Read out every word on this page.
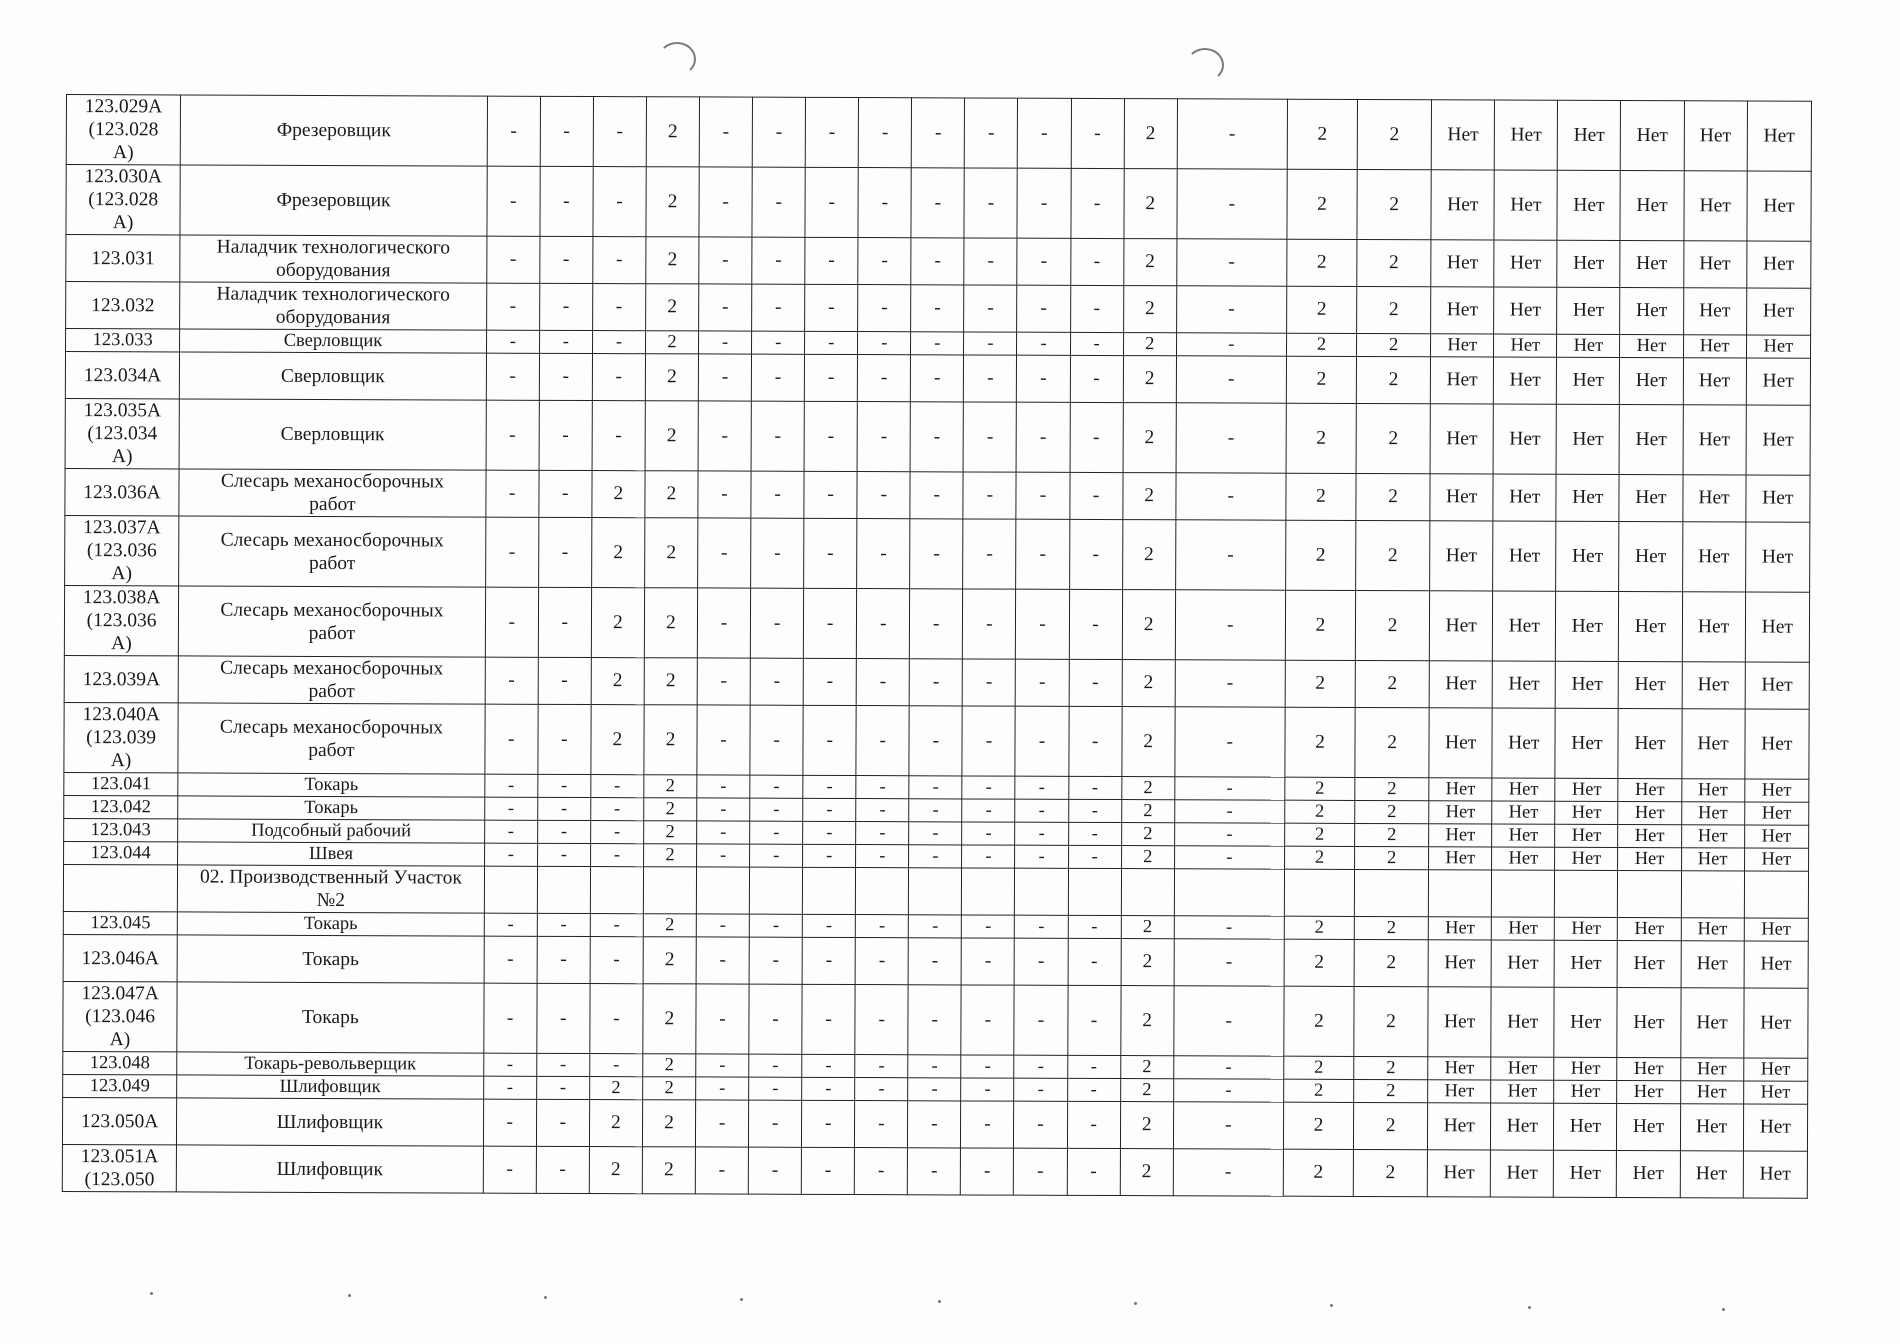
123.029А
(123.028
А)	Фрезеровщик	-	-	-	2	-	-	-	-	-	-	-	-	2	-	2	2	Нет	Нет	Нет	Нет	Нет	Нет
123.030А
(123.028
А)	Фрезеровщик	-	-	-	2	-	-	-	-	-	-	-	-	2	-	2	2	Нет	Нет	Нет	Нет	Нет	Нет
123.031	Наладчик технологического
оборудования	-	-	-	2	-	-	-	-	-	-	-	-	2	-	2	2	Нет	Нет	Нет	Нет	Нет	Нет
123.032	Наладчик технологического
оборудования	-	-	-	2	-	-	-	-	-	-	-	-	2	-	2	2	Нет	Нет	Нет	Нет	Нет	Нет
123.033	Сверловщик	-	-	-	2	-	-	-	-	-	-	-	-	2	-	2	2	Нет	Нет	Нет	Нет	Нет	Нет
123.034А	Сверловщик	-	-	-	2	-	-	-	-	-	-	-	-	2	-	2	2	Нет	Нет	Нет	Нет	Нет	Нет
123.035А
(123.034
А)	Сверловщик	-	-	-	2	-	-	-	-	-	-	-	-	2	-	2	2	Нет	Нет	Нет	Нет	Нет	Нет
123.036А	Слесарь механосборочных
работ	-	-	2	2	-	-	-	-	-	-	-	-	2	-	2	2	Нет	Нет	Нет	Нет	Нет	Нет
123.037А
(123.036
А)	Слесарь механосборочных
работ	-	-	2	2	-	-	-	-	-	-	-	-	2	-	2	2	Нет	Нет	Нет	Нет	Нет	Нет
123.038А
(123.036
А)	Слесарь механосборочных
работ	-	-	2	2	-	-	-	-	-	-	-	-	2	-	2	2	Нет	Нет	Нет	Нет	Нет	Нет
123.039А	Слесарь механосборочных
работ	-	-	2	2	-	-	-	-	-	-	-	-	2	-	2	2	Нет	Нет	Нет	Нет	Нет	Нет
123.040А
(123.039
А)	Слесарь механосборочных
работ	-	-	2	2	-	-	-	-	-	-	-	-	2	-	2	2	Нет	Нет	Нет	Нет	Нет	Нет
123.041	Токарь	-	-	-	2	-	-	-	-	-	-	-	-	2	-	2	2	Нет	Нет	Нет	Нет	Нет	Нет
123.042	Токарь	-	-	-	2	-	-	-	-	-	-	-	-	2	-	2	2	Нет	Нет	Нет	Нет	Нет	Нет
123.043	Подсобный рабочий	-	-	-	2	-	-	-	-	-	-	-	-	2	-	2	2	Нет	Нет	Нет	Нет	Нет	Нет
123.044	Швея	-	-	-	2	-	-	-	-	-	-	-	-	2	-	2	2	Нет	Нет	Нет	Нет	Нет	Нет
	02. Производственный Участок
№2																						
123.045	Токарь	-	-	-	2	-	-	-	-	-	-	-	-	2	-	2	2	Нет	Нет	Нет	Нет	Нет	Нет
123.046А	Токарь	-	-	-	2	-	-	-	-	-	-	-	-	2	-	2	2	Нет	Нет	Нет	Нет	Нет	Нет
123.047А
(123.046
А)	Токарь	-	-	-	2	-	-	-	-	-	-	-	-	2	-	2	2	Нет	Нет	Нет	Нет	Нет	Нет
123.048	Токарь-револьверщик	-	-	-	2	-	-	-	-	-	-	-	-	2	-	2	2	Нет	Нет	Нет	Нет	Нет	Нет
123.049	Шлифовщик	-	-	2	2	-	-	-	-	-	-	-	-	2	-	2	2	Нет	Нет	Нет	Нет	Нет	Нет
123.050А	Шлифовщик	-	-	2	2	-	-	-	-	-	-	-	-	2	-	2	2	Нет	Нет	Нет	Нет	Нет	Нет
123.051А
(123.050	Шлифовщик	-	-	2	2	-	-	-	-	-	-	-	-	2	-	2	2	Нет	Нет	Нет	Нет	Нет	Нет
